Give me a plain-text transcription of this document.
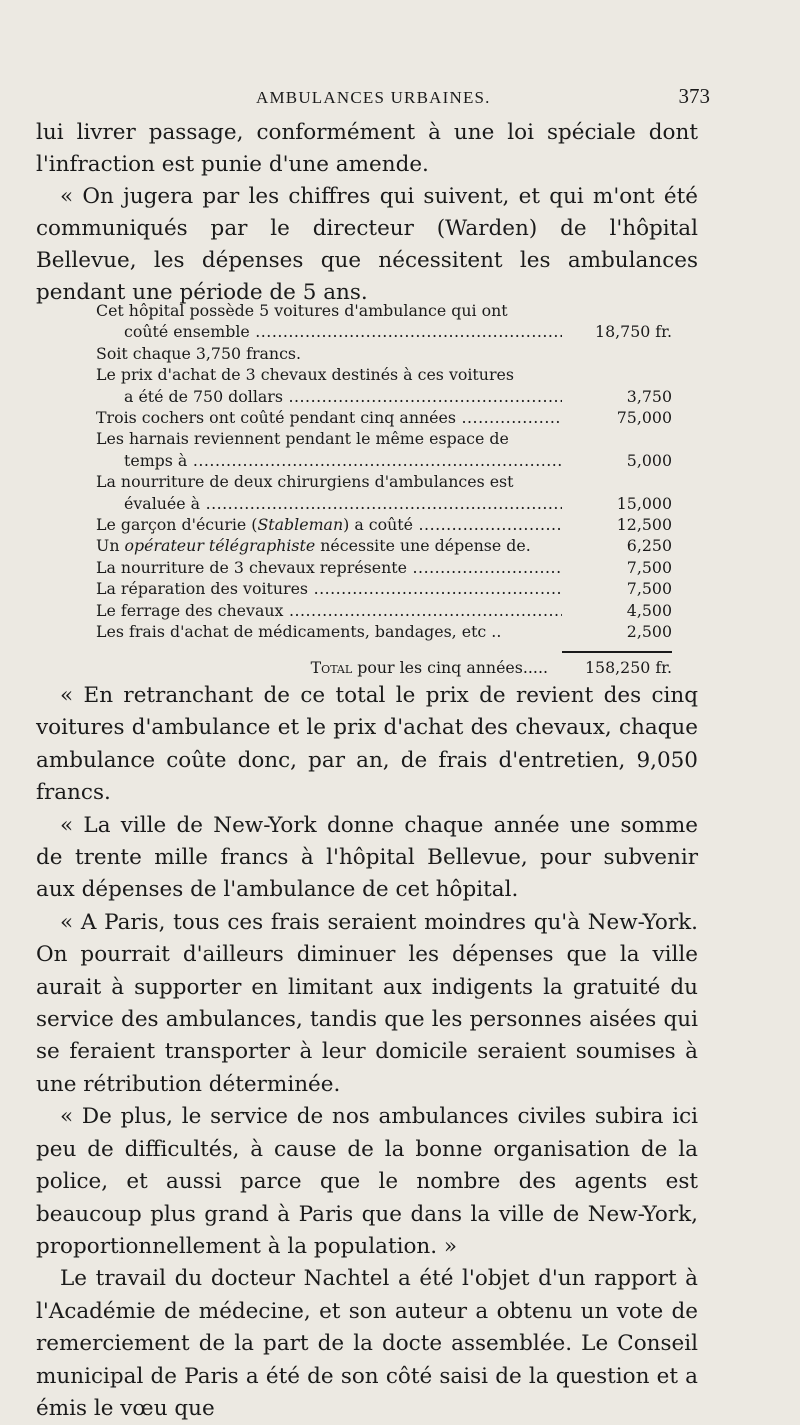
AMBULANCES URBAINES.	373

lui livrer passage, conformément à une loi spéciale dont l'infraction est punie d'une amende.

« On jugera par les chiffres qui suivent, et qui m'ont été communiqués par le directeur (Warden) de l'hôpital Bellevue, les dépenses que nécessitent les ambulances pendant une période de 5 ans.

Cet hôpital possède 5 voitures d'ambulance qui ont
coûté ensemble .....	18,750 fr.
Soit chaque 3,750 francs.
Le prix d'achat de 3 chevaux destinés à ces voitures
a été de 750 dollars .....	3,750
Trois cochers ont coûté pendant cinq années .....	75,000
Les harnais reviennent pendant le même espace de
temps à .....	5,000
La nourriture de deux chirurgiens d'ambulances est
évaluée à .....	15,000
Le garçon d'écurie (Stableman) a coûté .....	12,500
Un opérateur télégraphiste nécessite une dépense de.	6,250
La nourriture de 3 chevaux représente .....	7,500
La réparation des voitures .....	7,500
Le ferrage des chevaux .....	4,500
Les frais d'achat de médicaments, bandages, etc ..	2,500
Total pour les cinq années.....	158,250 fr.

« En retranchant de ce total le prix de revient des cinq voitures d'ambulance et le prix d'achat des chevaux, chaque ambulance coûte donc, par an, de frais d'entretien, 9,050 francs.

« La ville de New-York donne chaque année une somme de trente mille francs à l'hôpital Bellevue, pour subvenir aux dépenses de l'ambulance de cet hôpital.

« A Paris, tous ces frais seraient moindres qu'à New-York. On pourrait d'ailleurs diminuer les dépenses que la ville aurait à supporter en limitant aux indigents la gratuité du service des ambulances, tandis que les personnes aisées qui se feraient transporter à leur domicile seraient soumises à une rétribution déterminée.

« De plus, le service de nos ambulances civiles subira ici peu de difficultés, à cause de la bonne organisation de la police, et aussi parce que le nombre des agents est beaucoup plus grand à Paris que dans la ville de New-York, proportionnellement à la population. »

Le travail du docteur Nachtel a été l'objet d'un rapport à l'Académie de médecine, et son auteur a obtenu un vote de remerciement de la part de la docte assemblée. Le Conseil municipal de Paris a été de son côté saisi de la question et a émis le vœu que
